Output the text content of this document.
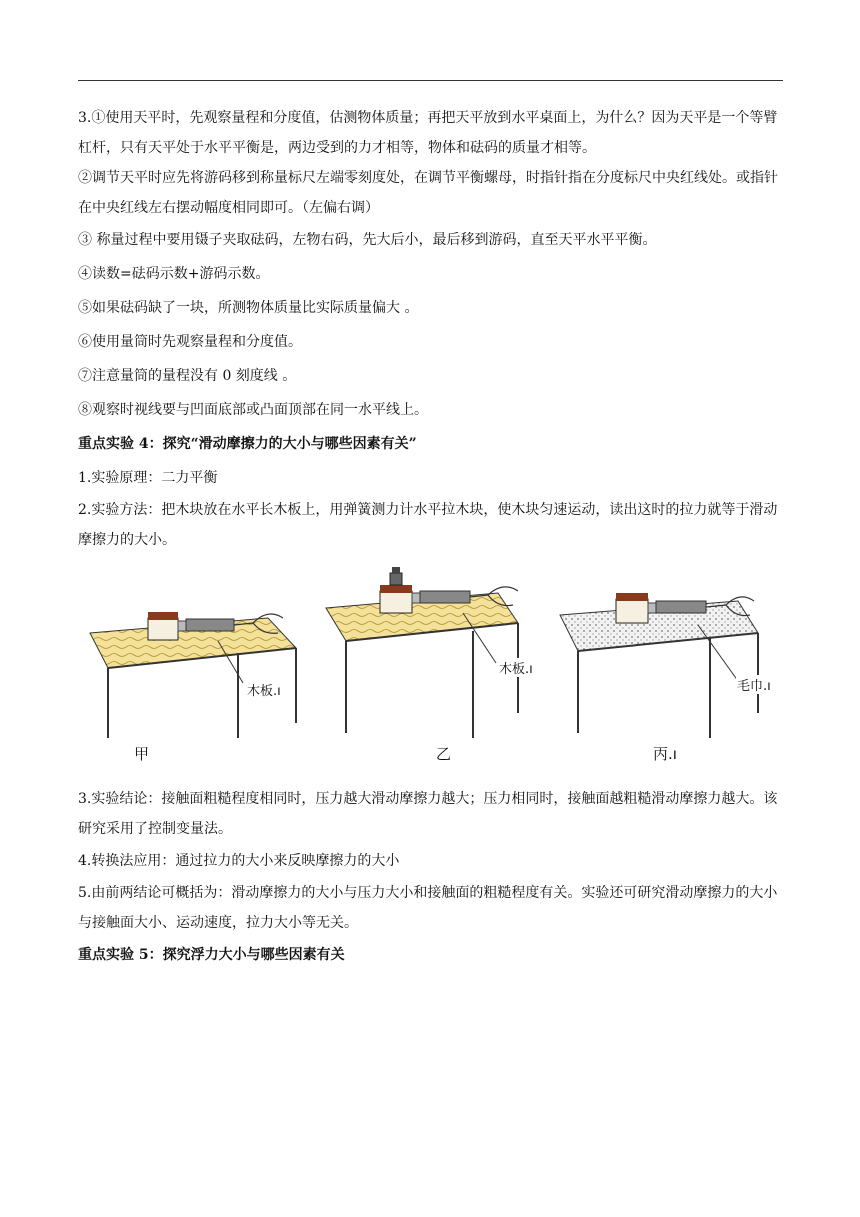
3.①使用天平时，先观察量程和分度值，估测物体质量；再把天平放到水平桌面上，为什么？因为天平是一个等臂杠杆，只有天平处于水平平衡是，两边受到的力才相等，物体和砝码的质量才相等。

②调节天平时应先将游码移到称量标尺左端零刻度处，在调节平衡螺母，时指针指在分度标尺中央红线处。或指针在中央红线左右摆动幅度相同即可。（左偏右调）

③ 称量过程中要用镊子夹取砝码，左物右码，先大后小，最后移到游码，直至天平水平平衡。

④读数=砝码示数+游码示数。

⑤如果砝码缺了一块，所测物体质量比实际质量偏大 。

⑥使用量筒时先观察量程和分度值。

⑦注意量筒的量程没有 0 刻度线 。

⑧观察时视线要与凹面底部或凸面顶部在同一水平线上。

重点实验 4：探究“滑动摩擦力的大小与哪些因素有关”

1.实验原理：二力平衡

2.实验方法：把木块放在水平长木板上，用弹簧测力计水平拉木块，使木块匀速运动，读出这时的拉力就等于滑动摩擦力的大小。

木板.ı
木板.ı
毛巾.ı
甲	乙	丙.ı

3.实验结论：接触面粗糙程度相同时，压力越大滑动摩擦力越大；压力相同时，接触面越粗糙滑动摩擦力越大。该研究采用了控制变量法。

4.转换法应用：通过拉力的大小来反映摩擦力的大小

5.由前两结论可概括为：滑动摩擦力的大小与压力大小和接触面的粗糙程度有关。实验还可研究滑动摩擦力的大小与接触面大小、运动速度，拉力大小等无关。

重点实验 5：探究浮力大小与哪些因素有关
